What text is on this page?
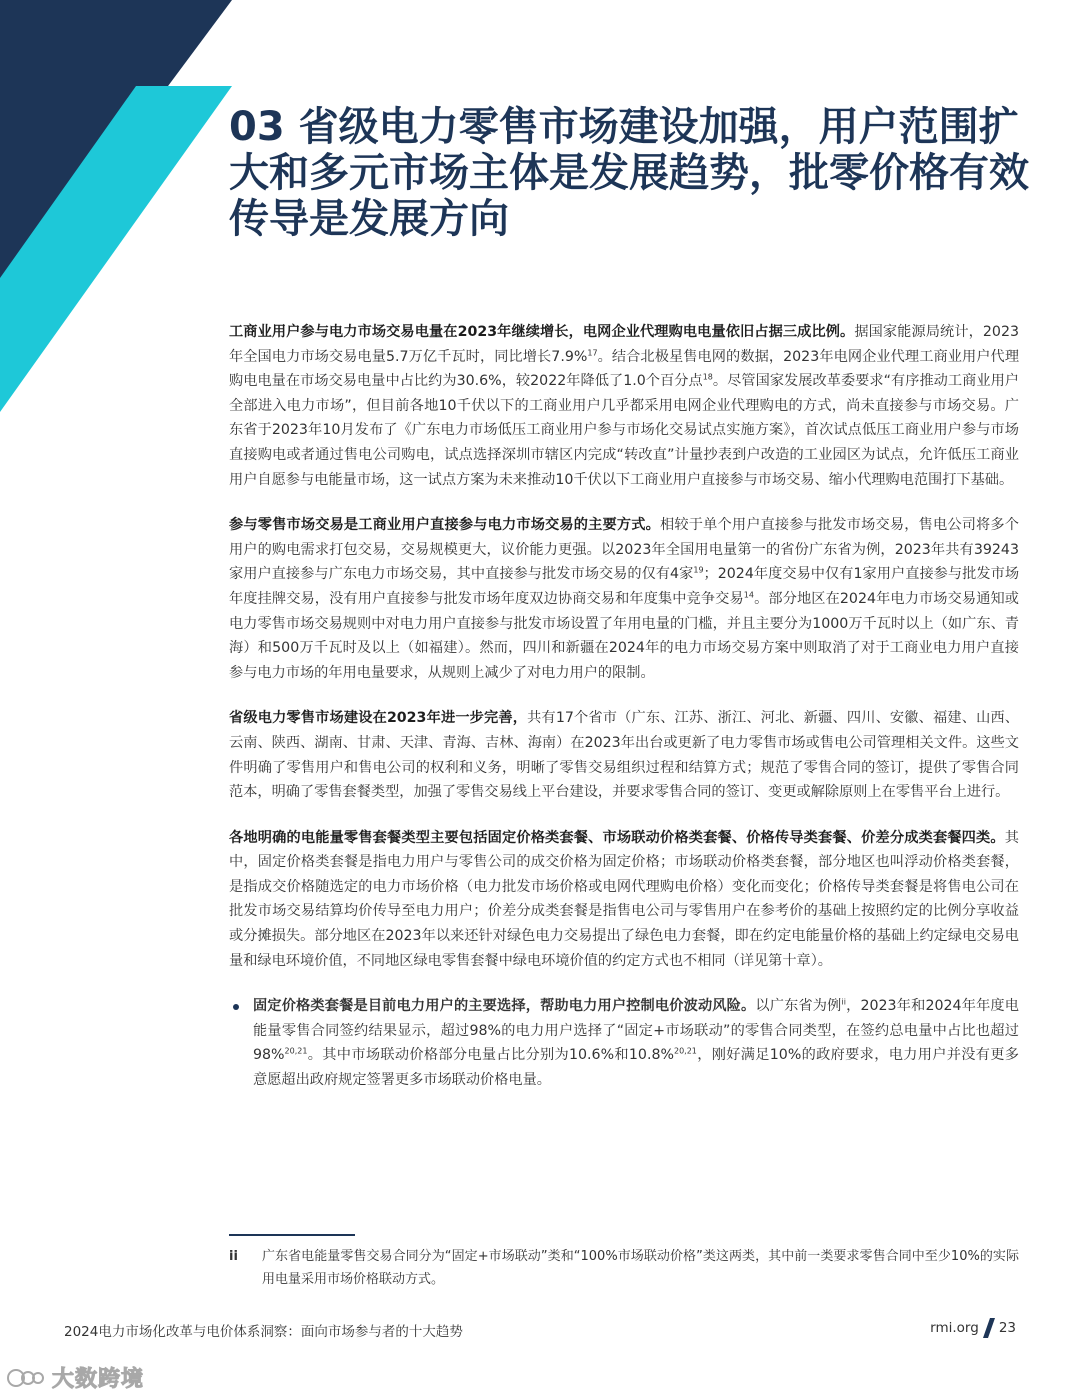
03 省级电力零售市场建设加强，用户范围扩大和多元市场主体是发展趋势，批零价格有效传导是发展方向

工商业用户参与电力市场交易电量在2023年继续增长，电网企业代理购电电量依旧占据三成比例。据国家能源局统计，2023年全国电力市场交易电量5.7万亿千瓦时，同比增长7.9%$^{17}$。结合北极星售电网的数据，2023年电网企业代理工商业用户代理购电电量在市场交易电量中占比约为30.6%，较2022年降低了1.0个百分点$^{18}$。尽管国家发展改革委要求“有序推动工商业用户全部进入电力市场”，但目前各地10千伏以下的工商业用户几乎都采用电网企业代理购电的方式，尚未直接参与市场交易。广东省于2023年10月发布了《广东电力市场低压工商业用户参与市场化交易试点实施方案》，首次试点低压工商业用户参与市场直接购电或者通过售电公司购电，试点选择深圳市辖区内完成“转改直”计量抄表到户改造的工业园区为试点，允许低压工商业用户自愿参与电能量市场，这一试点方案为未来推动10千伏以下工商业用户直接参与市场交易、缩小代理购电范围打下基础。

参与零售市场交易是工商业用户直接参与电力市场交易的主要方式。相较于单个用户直接参与批发市场交易，售电公司将多个用户的购电需求打包交易，交易规模更大，议价能力更强。以2023年全国用电量第一的省份广东省为例，2023年共有39243家用户直接参与广东电力市场交易，其中直接参与批发市场交易的仅有4家$^{19}$；2024年度交易中仅有1家用户直接参与批发市场年度挂牌交易，没有用户直接参与批发市场年度双边协商交易和年度集中竞争交易$^{14}$。部分地区在2024年电力市场交易通知或电力零售市场交易规则中对电力用户直接参与批发市场设置了年用电量的门槛，并且主要分为1000万千瓦时以上（如广东、青海）和500万千瓦时及以上（如福建）。然而，四川和新疆在2024年的电力市场交易方案中则取消了对于工商业电力用户直接参与电力市场的年用电量要求，从规则上减少了对电力用户的限制。

省级电力零售市场建设在2023年进一步完善，共有17个省市（广东、江苏、浙江、河北、新疆、四川、安徽、福建、山西、云南、陕西、湖南、甘肃、天津、青海、吉林、海南）在2023年出台或更新了电力零售市场或售电公司管理相关文件。这些文件明确了零售用户和售电公司的权利和义务，明晰了零售交易组织过程和结算方式；规范了零售合同的签订，提供了零售合同范本，明确了零售套餐类型，加强了零售交易线上平台建设，并要求零售合同的签订、变更或解除原则上在零售平台上进行。

各地明确的电能量零售套餐类型主要包括固定价格类套餐、市场联动价格类套餐、价格传导类套餐、价差分成类套餐四类。其中，固定价格类套餐是指电力用户与零售公司的成交价格为固定价格；市场联动价格类套餐，部分地区也叫浮动价格类套餐，是指成交价格随选定的电力市场价格（电力批发市场价格或电网代理购电价格）变化而变化；价格传导类套餐是将售电公司在批发市场交易结算均价传导至电力用户；价差分成类套餐是指售电公司与零售用户在参考价的基础上按照约定的比例分享收益或分摊损失。部分地区在2023年以来还针对绿色电力交易提出了绿色电力套餐，即在约定电能量价格的基础上约定绿电交易电量和绿电环境价值，不同地区绿电零售套餐中绿电环境价值的约定方式也不相同（详见第十章）。

固定价格类套餐是目前电力用户的主要选择，帮助电力用户控制电价波动风险。以广东省为例$^{ii}$，2023年和2024年年度电能量零售合同签约结果显示，超过98%的电力用户选择了“固定+市场联动”的零售合同类型，在签约总电量中占比也超过98%$^{20,21}$。其中市场联动价格部分电量占比分别为10.6%和10.8%$^{20,21}$，刚好满足10%的政府要求，电力用户并没有更多意愿超出政府规定签署更多市场联动价格电量。

ii	广东省电能量零售交易合同分为“固定+市场联动”类和“100%市场联动价格”类这两类，其中前一类要求零售合同中至少10%的实际用电量采用市场价格联动方式。
2024电力市场化改革与电价体系洞察：面向市场参与者的十大趋势	rmi.org 23
大数跨境
